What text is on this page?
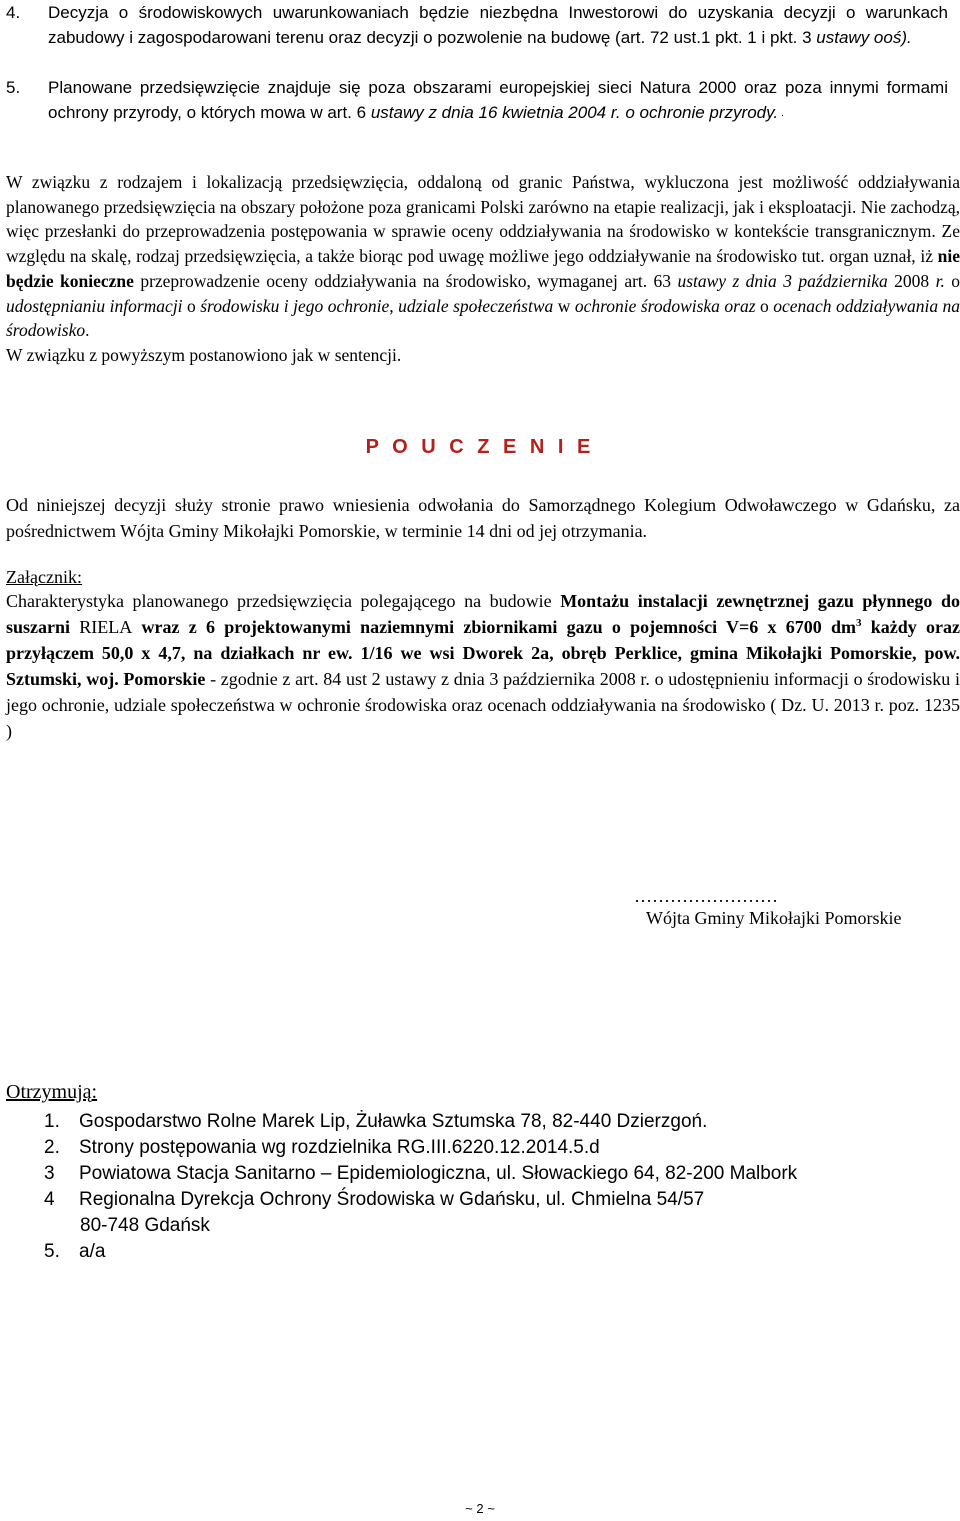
4. Decyzja o środowiskowych uwarunkowaniach będzie niezbędna Inwestorowi do uzyskania decyzji o warunkach zabudowy i zagospodarowani terenu oraz decyzji o pozwolenie na budowę (art. 72 ust.1 pkt. 1 i pkt. 3 ustawy ooś).
5. Planowane przedsięwzięcie znajduje się poza obszarami europejskiej sieci Natura 2000 oraz poza innymi formami ochrony przyrody, o których mowa w art. 6 ustawy z dnia 16 kwietnia 2004 r. o ochronie przyrody. ·
W związku z rodzajem i lokalizacją przedsięwzięcia, oddaloną od granic Państwa, wykluczona jest możliwość oddziaływania planowanego przedsięwzięcia na obszary położone poza granicami Polski zarówno na etapie realizacji, jak i eksploatacji. Nie zachodzą, więc przesłanki do przeprowadzenia postępowania w sprawie oceny oddziaływania na środowisko w kontekście transgranicznym. Ze względu na skalę, rodzaj przedsięwzięcia, a także biorąc pod uwagę możliwe jego oddziaływanie na środowisko tut. organ uznał, iż nie będzie konieczne przeprowadzenie oceny oddziaływania na środowisko, wymaganej art. 63 ustawy z dnia 3 października 2008 r. o udostępnianiu informacji o środowisku i jego ochronie, udziale społeczeństwa w ochronie środowiska oraz o ocenach oddziaływania na środowisko.
W związku z powyższym postanowiono jak w sentencji.
P O U C Z E N I E
Od niniejszej decyzji służy stronie prawo wniesienia odwołania do Samorządnego Kolegium Odwoławczego w Gdańsku, za pośrednictwem Wójta Gminy Mikołajki Pomorskie, w terminie 14 dni od jej otrzymania.
Załącznik:
Charakterystyka planowanego przedsięwzięcia polegającego na budowie Montażu instalacji zewnętrznej gazu płynnego do suszarni RIELA wraz z 6 projektowanymi naziemnymi zbiornikami gazu o pojemności V=6 x 6700 $dm^3$ każdy oraz przyłączem 50,0 x 4,7, na działkach nr ew. 1/16 we wsi Dworek 2a, obręb Perklice, gmina Mikołajki Pomorskie, pow. Sztumski, woj. Pomorskie - zgodnie z art. 84 ust 2 ustawy z dnia 3 października 2008 r. o udostępnieniu informacji o środowisku i jego ochronie, udziale społeczeństwa w ochronie środowiska oraz ocenach oddziaływania na środowisko ( Dz. U. 2013 r. poz. 1235 )
……………………
Wójta Gminy Mikołajki Pomorskie
Otrzymują:
1. Gospodarstwo Rolne Marek Lip, Żuławka Sztumska 78, 82-440 Dzierzgoń.
2. Strony postępowania wg rozdzielnika RG.III.6220.12.2014.5.d
3 Powiatowa Stacja Sanitarno – Epidemiologiczna, ul. Słowackiego 64, 82-200 Malbork
4 Regionalna Dyrekcja Ochrony Środowiska w Gdańsku, ul. Chmielna 54/57
80-748 Gdańsk
5. a/a
~ 2 ~
